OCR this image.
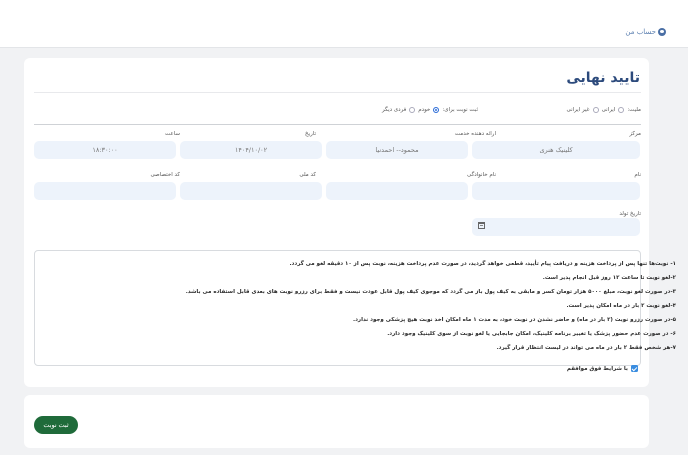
حساب من
تایید نهایی
ملیت:
ایرانی
غیر ایرانی
ثبت نوبت برای:
خودم
فردی دیگر
مرکز
ارائه دهنده خدمت
تاریخ
ساعت
کلینیک هنری
محمود-- احمدنیا
۱۴۰۴/۱۰/۰۲
۱۸:۳۰:۰۰
نام
نام خانوادگی
کد ملی
کد اختصاصی
تاریخ تولد
۱- نوبت‌ها تنها پس از پرداخت هزینه و دریافت پیام تأیید، قطعی خواهد گردید، در صورت عدم پرداخت هزینه، نوبت پس از ۱۰ دقیقه لغو می گردد.
۲-لغو نوبت تا ساعت ۱۲ روز قبل انجام پذیر است.
۳-در صورت لغو نوبت، مبلغ ۵۰۰۰ هزار تومان کسر و مابقی به کیف پول باز می گردد که موجوی کیف پول قابل عودت نیست و فقط برای رزرو نوبت های بعدی قابل استفاده می باشد.
۴-لغو نوبت ۲ بار در ماه امکان پذیر است.
۵-در صورت رزرو نوبت (۲ بار در ماه) و حاضر نشدن در نوبت خود، به مدت ۱ ماه امکان اخذ نوبت هیچ پزشکی وجود ندارد.
۶- در صورت عدم حضور پزشک یا تغییر برنامه کلینیک، امکان جابجایی یا لغو نوبت از سوی کلینیک وجود دارد.
۷-هر شخص فقط ۲ بار در ماه می تواند در لیست انتظار قرار گیرد.
با شرایط فوق موافقم
ثبت نوبت
